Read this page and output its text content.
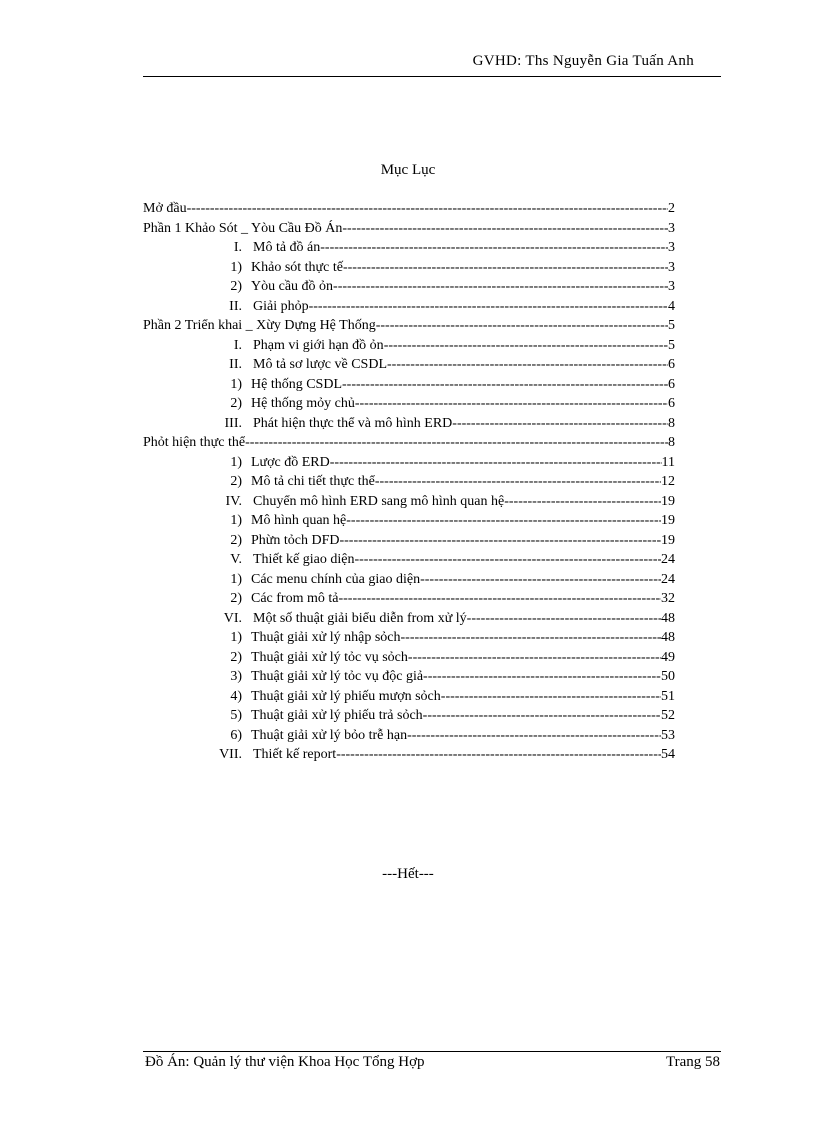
GVHD: Ths Nguyễn Gia Tuấn Anh
Mục Lục
Mở đầu -----	2
Phần 1 Khảo Sót _ Yòu Cầu Đồ Án -----	3
I. Mô tả đồ án -----	3
1) Khảo sót thực tế -----	3
2) Yòu cầu đồ ỏn -----	3
II. Giải phỏp -----	4
Phần 2 Triển khai _ Xừy Dựng Hệ Thống -----	5
I. Phạm vi giới hạn đồ ỏn -----	5
II. Mô tả sơ lược về CSDL -----	6
1) Hệ thống CSDL -----	6
2) Hệ thống mỏy chủ -----	6
III. Phát hiện thực thể và mô hình ERD -----	8
Phỏt hiện thực thể -----	8
1) Lược đồ ERD -----	11
2) Mô tả chi tiết thực thể -----	12
IV. Chuyển mô hình ERD sang mô hình quan hệ -----	19
1) Mô hình quan hệ -----	19
2) Phừn tỏch DFD -----	19
V. Thiết kế giao diện -----	24
1) Các menu chính của giao diện -----	24
2) Các from mô tả -----	32
VI. Một số thuật giải biểu diễn from xử lý -----	48
1) Thuật giải xử lý nhập sỏch -----	48
2) Thuật giải xử lý tỏc vụ sỏch -----	49
3) Thuật giải xử lý tỏc vụ độc giả -----	50
4) Thuật giải xử lý phiếu mượn sỏch -----	51
5) Thuật giải xử lý phiếu trả sỏch -----	52
6) Thuật giải xử lý bỏo trễ hạn -----	53
VII. Thiết kế report -----	54
---Hết---
Đồ Án: Quản lý thư viện Khoa Học Tổng Hợp	Trang 58
